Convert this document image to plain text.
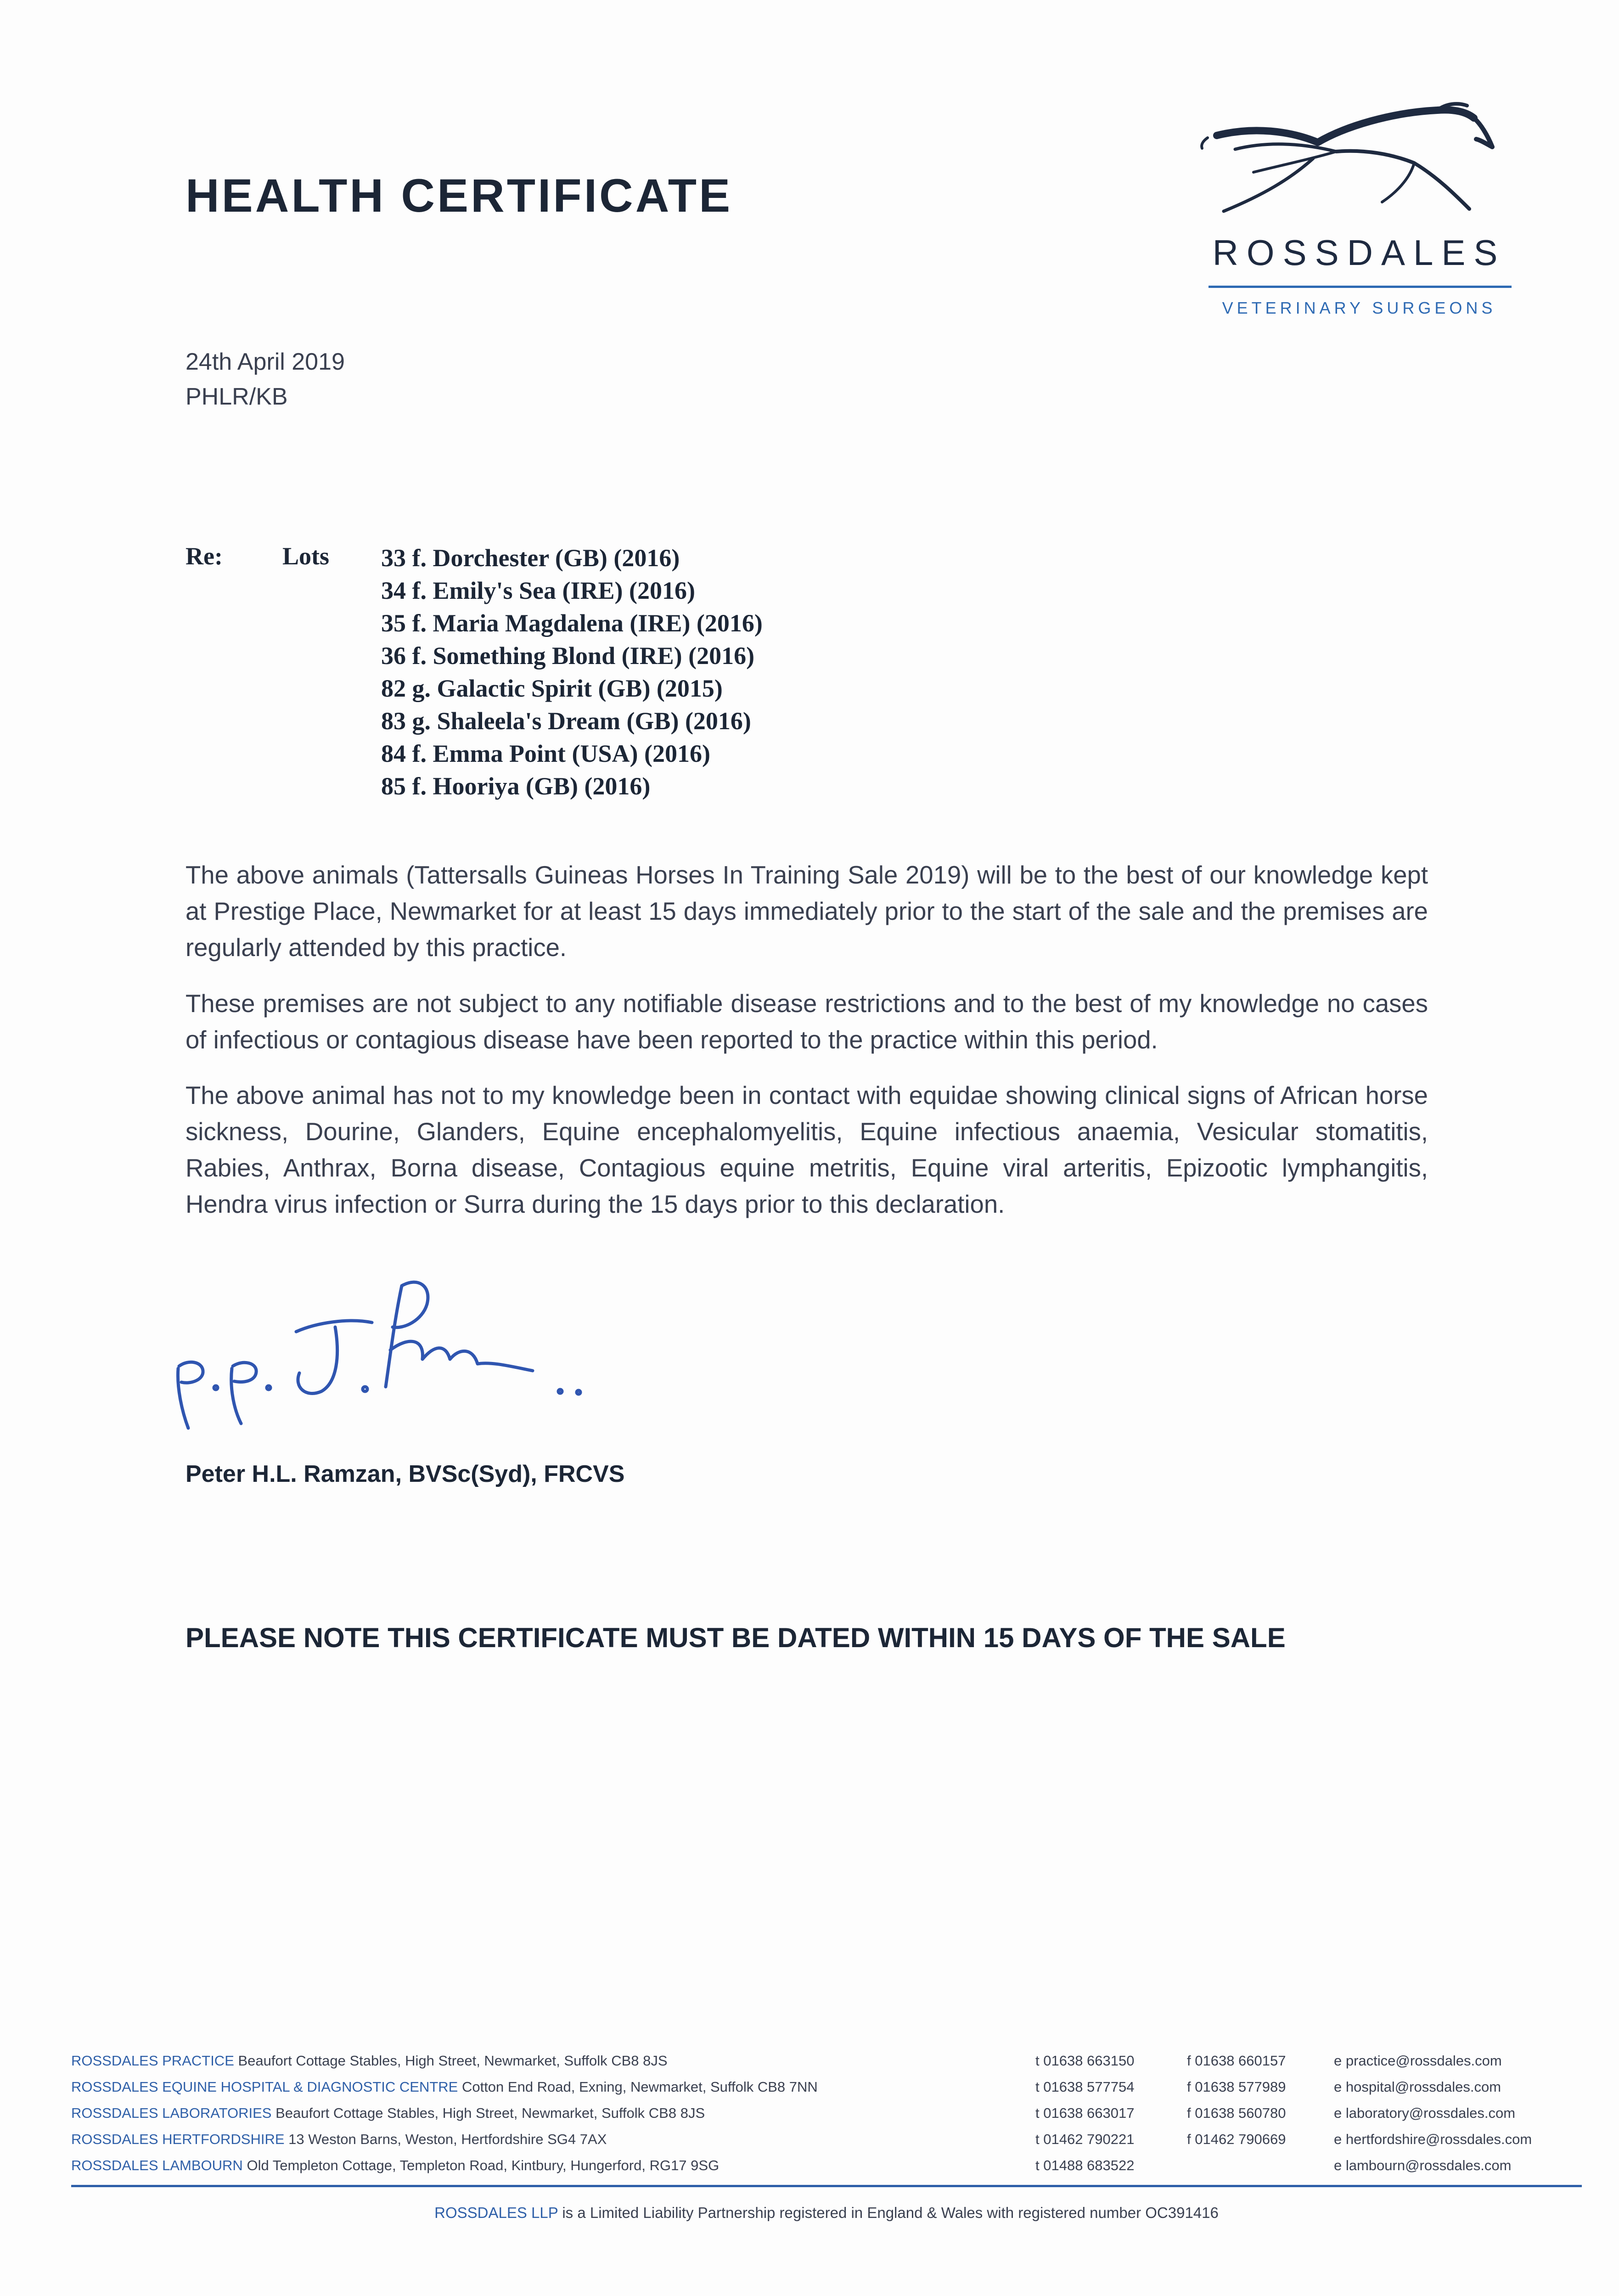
HEALTH CERTIFICATE
ROSSDALES
VETERINARY SURGEONS
24th April 2019
PHLR/KB
Re: Lots 33 f. Dorchester (GB) (2016)
34 f. Emily's Sea (IRE) (2016)
35 f. Maria Magdalena (IRE) (2016)
36 f. Something Blond (IRE) (2016)
82 g. Galactic Spirit (GB) (2015)
83 g. Shaleela's Dream (GB) (2016)
84 f. Emma Point (USA) (2016)
85 f. Hooriya (GB) (2016)
The above animals (Tattersalls Guineas Horses In Training Sale 2019) will be to the best of our knowledge kept at Prestige Place, Newmarket for at least 15 days immediately prior to the start of the sale and the premises are regularly attended by this practice.
These premises are not subject to any notifiable disease restrictions and to the best of my knowledge no cases of infectious or contagious disease have been reported to the practice within this period.
The above animal has not to my knowledge been in contact with equidae showing clinical signs of African horse sickness, Dourine, Glanders, Equine encephalomyelitis, Equine infectious anaemia, Vesicular stomatitis, Rabies, Anthrax, Borna disease, Contagious equine metritis, Equine viral arteritis, Epizootic lymphangitis, Hendra virus infection or Surra during the 15 days prior to this declaration.
Peter H.L. Ramzan, BVSc(Syd), FRCVS
PLEASE NOTE THIS CERTIFICATE MUST BE DATED WITHIN 15 DAYS OF THE SALE
ROSSDALES PRACTICE Beaufort Cottage Stables, High Street, Newmarket, Suffolk CB8 8JS	t 01638 663150	f 01638 660157	e practice@rossdales.com
ROSSDALES EQUINE HOSPITAL & DIAGNOSTIC CENTRE Cotton End Road, Exning, Newmarket, Suffolk CB8 7NN	t 01638 577754	f 01638 577989	e hospital@rossdales.com
ROSSDALES LABORATORIES Beaufort Cottage Stables, High Street, Newmarket, Suffolk CB8 8JS	t 01638 663017	f 01638 560780	e laboratory@rossdales.com
ROSSDALES HERTFORDSHIRE 13 Weston Barns, Weston, Hertfordshire SG4 7AX	t 01462 790221	f 01462 790669	e hertfordshire@rossdales.com
ROSSDALES LAMBOURN Old Templeton Cottage, Templeton Road, Kintbury, Hungerford, RG17 9SG	t 01488 683522	e lambourn@rossdales.com
ROSSDALES LLP is a Limited Liability Partnership registered in England & Wales with registered number OC391416
